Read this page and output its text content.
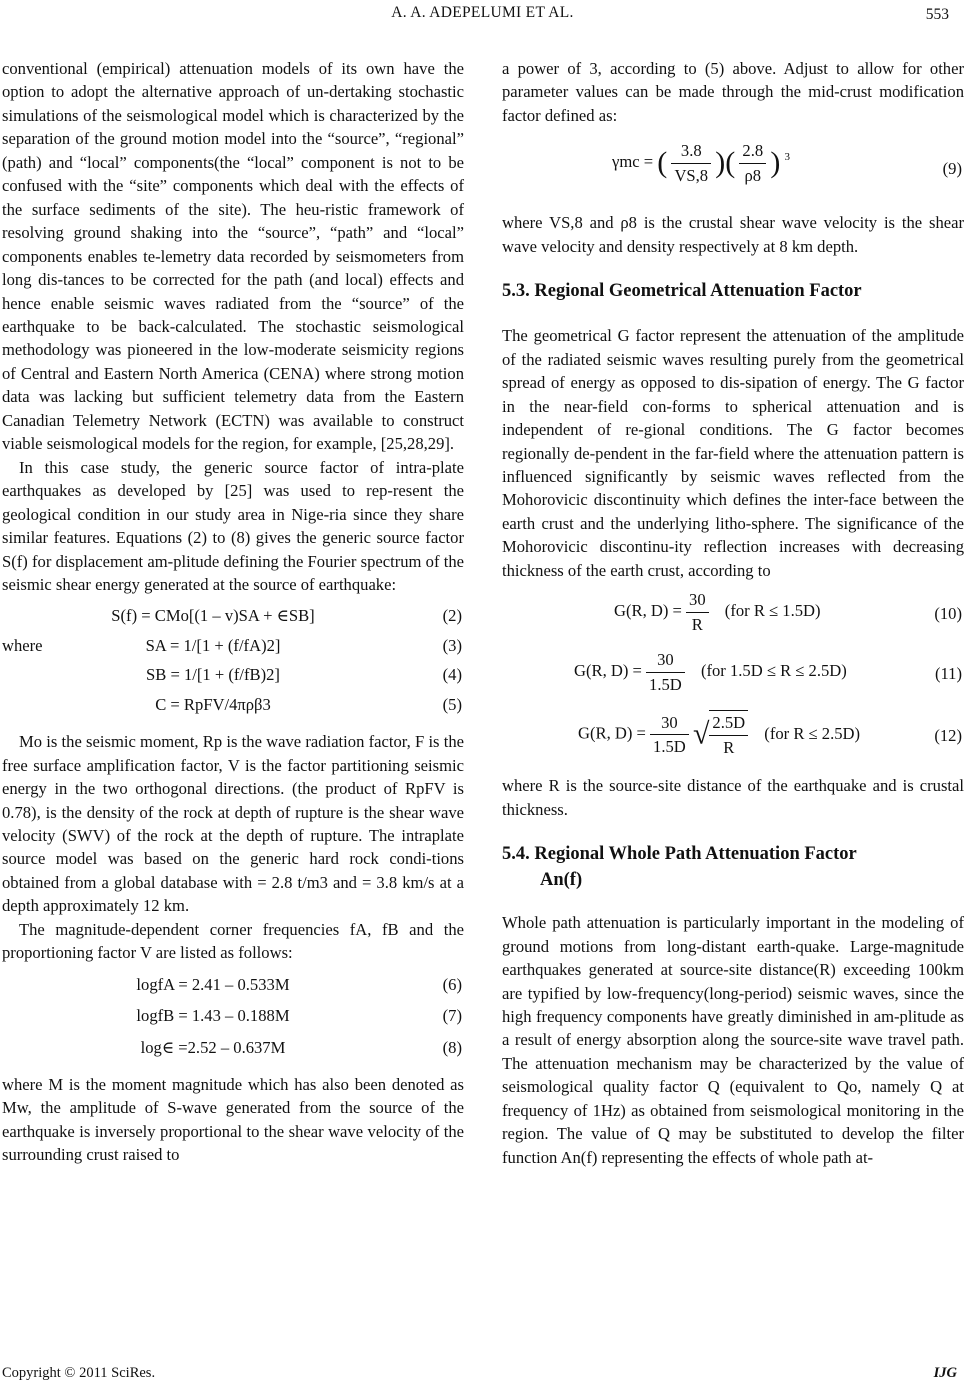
A. A. ADEPELUMI ET AL.	553

conventional (empirical) attenuation models of its own have the option to adopt the alternative approach of un-dertaking stochastic simulations of the seismological model which is characterized by the separation of the ground motion model into the “source”, “regional” (path) and “local” components(the “local” component is not to be confused with the “site” components which deal with the effects of the surface sediments of the site). The heu-ristic framework of resolving ground shaking into the “source”, “path” and “local” components enables te-lemetry data recorded by seismometers from long dis-tances to be corrected for the path (and local) effects and hence enable seismic waves radiated from the “source” of the earthquake to be back-calculated. The stochastic seismological methodology was pioneered in the low-moderate seismicity regions of Central and Eastern North America (CENA) where strong motion data was lacking but sufficient telemetry data from the Eastern Canadian Telemetry Network (ECTN) was available to construct viable seismological models for the region, for example, [25,28,29].

In this case study, the generic source factor of intra-plate earthquakes as developed by [25] was used to rep-resent the geological condition in our study area in Nige-ria since they share similar features. Equations (2) to (8) gives the generic source factor S(f) for displacement am-plitude defining the Fourier spectrum of the seismic shear energy generated at the source of earthquake:

S(f) = CMo[(1 – v)SA + ∈SB]	(2)
where	SA = 1/[1 + (f/fA)2]	(3)
SB = 1/[1 + (f/fB)2]	(4)
C = RpFV/4πρβ3	(5)

Mo is the seismic moment, Rp is the wave radiation factor, F is the free surface amplification factor, V is the factor partitioning seismic energy in the two orthogonal directions. (the product of RpFV is 0.78), is the density of the rock at depth of rupture is the shear wave velocity (SWV) of the rock at the depth of rupture. The intraplate source model was based on the generic hard rock condi-tions obtained from a global database with = 2.8 t/m3 and = 3.8 km/s at a depth approximately 12 km.

The magnitude-dependent corner frequencies fA, fB and the proportioning factor V are listed as follows:

logfA = 2.41 – 0.533M	(6)
logfB = 1.43 – 0.188M	(7)
log∈ =2.52 – 0.637M	(8)

where M is the moment magnitude which has also been denoted as Mw, the amplitude of S-wave generated from the source of the earthquake is inversely proportional to the shear wave velocity of the surrounding crust raised to

a power of 3, according to (5) above. Adjust to allow for other parameter values can be made through the mid-crust modification factor defined as:

γmc = ( $\frac{3.8}{VS,8}$ )( $\frac{2.8}{\rho 8}$ ) $^3$
(9)

where VS,8 and ρ8 is the crustal shear wave velocity is the shear wave velocity and density respectively at 8 km depth.

5.3. Regional Geometrical Attenuation Factor

The geometrical G factor represent the attenuation of the amplitude of the radiated seismic waves resulting purely from the geometrical spread of energy as opposed to dis-sipation of energy. The G factor in the near-field con-forms to spherical attenuation and is independent of re-gional conditions. The G factor becomes regionally de-pendent in the far-field where the attenuation pattern is influenced significantly by seismic waves reflected from the Mohorovicic discontinuity which defines the inter-face between the earth crust and the underlying litho-sphere. The significance of the Mohorovicic discontinu-ity reflection increases with decreasing thickness of the earth crust, according to

G(R, $D) = \frac{30}{R} (for$ R ≤ 1.5D)	(10)
G(R, $D) = \frac{30}{1.5D} (for$ 1.5D ≤ R ≤ 2.5D)	(11)
G(R, $D) = \frac{30}{1.5D}$ √ $\frac{2.5D}{R} (for$ R ≤ 2.5D)	(12)

where R is the source-site distance of the earthquake and is crustal thickness.

5.4. Regional Whole Path Attenuation Factor
An(f)

Whole path attenuation is particularly important in the modeling of ground motions from long-distant earth-quake. Large-magnitude earthquakes generated at source-site distance(R) exceeding 100km are typified by low-frequency(long-period) seismic waves, since the high frequency components have greatly diminished in am-plitude as a result of energy absorption along the source-site wave travel path. The attenuation mechanism may be characterized by the value of seismological quality factor Q (equivalent to Qo, namely Q at frequency of 1Hz) as obtained from seismological monitoring in the region. The value of Q may be substituted to develop the filter function An(f) representing the effects of whole path at-

Copyright © 2011 SciRes.	IJG
